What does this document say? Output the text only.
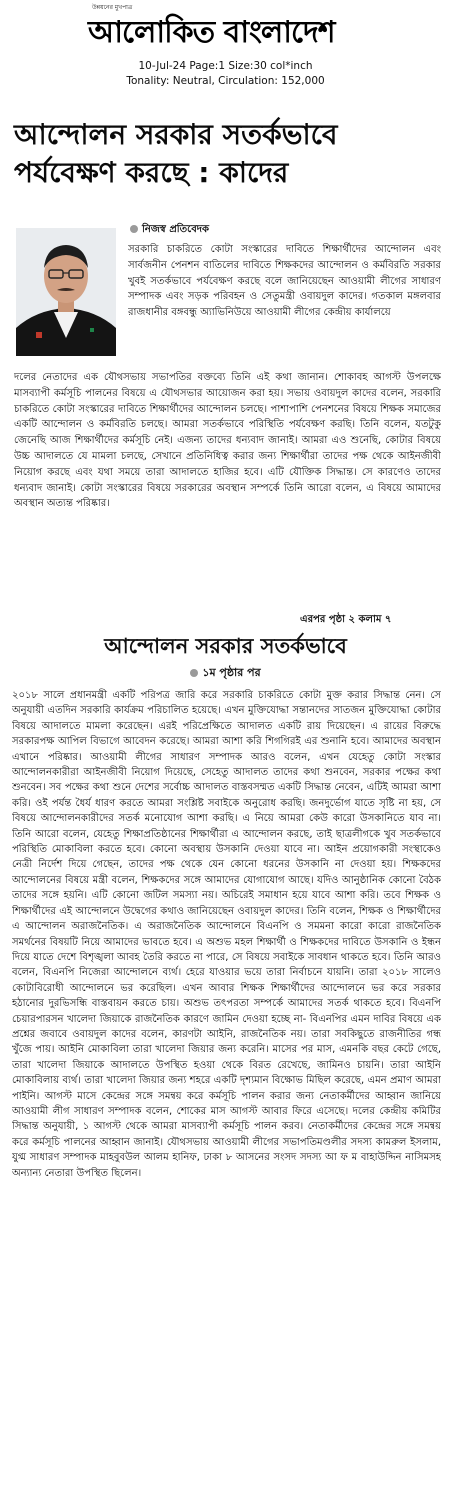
উন্নয়নের মুখপাত্র
আলোকিত বাংলাদেশ
10-Jul-24 Page:1 Size:30 col*inch
Tonality: Neutral, Circulation: 152,000
আন্দোলন সরকার সতর্কভাবে
পর্যবেক্ষণ করছে : কাদের
নিজস্ব প্রতিবেদক
সরকারি চাকরিতে কোটা সংস্কারের দাবিতে শিক্ষার্থীদের আন্দোলন এবং সার্বজনীন পেনশন বাতিলের দাবিতে শিক্ষকদের আন্দোলন ও কর্মবিরতি সরকার খুবই সতর্কভাবে পর্যবেক্ষণ করছে বলে জানিয়েছেন আওয়ামী লীগের সাধারণ সম্পাদক এবং সড়ক পরিবহন ও সেতুমন্ত্রী ওবায়দুল কাদের। গতকাল মঙ্গলবার রাজধানীর বঙ্গবন্ধু অ্যাভিনিউয়ে আওয়ামী লীগের কেন্দ্রীয় কার্যালয়ে
দলের নেতাদের এক যৌথসভায় সভাপতির বক্তব্যে তিনি এই কথা জানান। শোকাবহ আগস্ট উপলক্ষে মাসব্যাপী কর্মসূচি পালনের বিষয়ে এ যৌথসভার আয়োজন করা হয়। সভায় ওবায়দুল কাদের বলেন, সরকারি চাকরিতে কোটা সংস্কারের দাবিতে শিক্ষার্থীদের আন্দোলন চলছে। পাশাপাশি পেনশনের বিষয়ে শিক্ষক সমাজের একটি আন্দোলন ও কর্মবিরতি চলছে। আমরা সতর্কভাবে পরিস্থিতি পর্যবেক্ষণ করছি। তিনি বলেন, যতটুকু জেনেছি আজ শিক্ষার্থীদের কর্মসূচি নেই। এজন্য তাদের ধন্যবাদ জানাই। আমরা এও শুনেছি, কোটার বিষয়ে উচ্চ আদালতে যে মামলা চলছে, সেখানে প্রতিনিধিত্ব করার জন্য শিক্ষার্থীরা তাদের পক্ষ থেকে আইনজীবী নিয়োগ করছে এবং যথা সময়ে তারা আদালতে হাজির হবে। এটি যৌক্তিক সিদ্ধান্ত। সে কারণেও তাদের ধন্যবাদ জানাই। কোটা সংস্কারের বিষয়ে সরকারের অবস্থান সম্পর্কে তিনি আরো বলেন, এ বিষয়ে আমাদের অবস্থান অত্যন্ত পরিষ্কার।
এরপর পৃষ্ঠা ২ কলাম ৭
আন্দোলন সরকার সতর্কভাবে
১ম পৃষ্ঠার পর
২০১৮ সালে প্রধানমন্ত্রী একটি পরিপত্র জারি করে সরকারি চাকরিতে কোটা মুক্ত করার সিদ্ধান্ত নেন। সে অনুযায়ী এতদিন সরকারি কার্যক্রম পরিচালিত হয়েছে। এখন মুক্তিযোদ্ধা সন্তানদের সাতজন মুক্তিযোদ্ধা কোটার বিষয়ে আদালতে মামলা করেছেন। এরই পরিপ্রেক্ষিতে আদালত একটি রায় দিয়েছেন। এ রায়ের বিরুদ্ধে সরকারপক্ষ আপিল বিভাগে আবেদন করেছে। আমরা আশা করি শিগগিরই এর শুনানি হবে। আমাদের অবস্থান এখানে পরিষ্কার। আওয়ামী লীগের সাধারণ সম্পাদক আরও বলেন, এখন যেহেতু কোটা সংস্কার আন্দোলনকারীরা আইনজীবী নিয়োগ দিয়েছে, সেহেতু আদালত তাদের কথা শুনবেন, সরকার পক্ষের কথা শুনবেন। সব পক্ষের কথা শুনে দেশের সর্বোচ্চ আদালত বাস্তবসম্মত একটি সিদ্ধান্ত নেবেন, এটিই আমরা আশা করি। ওই পর্যন্ত ধৈর্য ধারণ করতে আমরা সংশ্লিষ্ট সবাইকে অনুরোধ করছি। জনদুর্ভোগ যাতে সৃষ্টি না হয়, সে বিষয়ে আন্দোলনকারীদের সতর্ক মনোযোগ আশা করছি। এ নিয়ে আমরা কেউ কারো উসকানিতে যাব না। তিনি আরো বলেন, যেহেতু শিক্ষাপ্রতিষ্ঠানের শিক্ষার্থীরা এ আন্দোলন করছে, তাই ছাত্রলীগকে খুব সতর্কভাবে পরিস্থিতি মোকাবিলা করতে হবে। কোনো অবস্থায় উসকানি দেওয়া যাবে না। আইন প্রয়োগকারী সংস্থাকেও নেত্রী নির্দেশ দিয়ে গেছেন, তাদের পক্ষ থেকে যেন কোনো ধরনের উসকানি না দেওয়া হয়। শিক্ষকদের আন্দোলনের বিষয়ে মন্ত্রী বলেন, শিক্ষকদের সঙ্গে আমাদের যোগাযোগ আছে। যদিও আনুষ্ঠানিক কোনো বৈঠক তাদের সঙ্গে হয়নি। এটি কোনো জটিল সমস্যা নয়। অচিরেই সমাধান হয়ে যাবে আশা করি। তবে শিক্ষক ও শিক্ষার্থীদের এই আন্দোলনে উদ্বেগের কথাও জানিয়েছেন ওবায়দুল কাদের। তিনি বলেন, শিক্ষক ও শিক্ষার্থীদের এ আন্দোলন অরাজনৈতিক। এ অরাজনৈতিক আন্দোলনে বিএনপি ও সমমনা কারো কারো রাজনৈতিক সমর্থনের বিষয়টি নিয়ে আমাদের ভাবতে হবে। এ অশুভ মহল শিক্ষার্থী ও শিক্ষকদের দাবিতে উসকানি ও ইন্ধন দিয়ে যাতে দেশে বিশৃঙ্খলা আবহ তৈরি করতে না পারে, সে বিষয়ে সবাইকে সাবধান থাকতে হবে। তিনি আরও বলেন, বিএনপি নিজেরা আন্দোলনে ব্যর্থ। হেরে যাওয়ার ভয়ে তারা নির্বাচনে যায়নি। তারা ২০১৮ সালেও কোটাবিরোধী আন্দোলনে ভর করেছিল। এখন আবার শিক্ষক শিক্ষার্থীদের আন্দোলনে ভর করে সরকার হঠানোর দুরভিসন্ধি বাস্তবায়ন করতে চায়। অশুভ তৎপরতা সম্পর্কে আমাদের সতর্ক থাকতে হবে। বিএনপি চেয়ারপারসন খালেদা জিয়াকে রাজনৈতিক কারণে জামিন দেওয়া হচ্ছে না- বিএনপির এমন দাবির বিষয়ে এক প্রশ্নের জবাবে ওবায়দুল কাদের বলেন, কারণটা আইনি, রাজনৈতিক নয়। তারা সবকিছুতে রাজনীতির গন্ধ খুঁজে পায়। আইনি মোকাবিলা তারা খালেদা জিয়ার জন্য করেনি। মাসের পর মাস, এমনকি বছর কেটে গেছে, তারা খালেদা জিয়াকে আদালতে উপস্থিত হওয়া থেকে বিরত রেখেছে, জামিনও চায়নি। তারা আইনি মোকাবিলায় ব্যর্থ। তারা খালেদা জিয়ার জন্য শহরে একটি দৃশ্যমান বিক্ষোভ মিছিল করেছে, এমন প্রমাণ আমরা পাইনি। আগস্ট মাসে কেন্দ্রের সঙ্গে সমন্বয় করে কর্মসূচি পালন করার জন্য নেতাকর্মীদের আহ্বান জানিয়ে আওয়ামী লীগ সাধারণ সম্পাদক বলেন, শোকের মাস আগস্ট আবার ফিরে এসেছে। দলের কেন্দ্রীয় কমিটির সিদ্ধান্ত অনুযায়ী, ১ আগস্ট থেকে আমরা মাসব্যাপী কর্মসূচি পালন করব। নেতাকর্মীদের কেন্দ্রের সঙ্গে সমন্বয় করে কর্মসূচি পালনের আহ্বান জানাই। যৌথসভায় আওয়ামী লীগের সভাপতিমণ্ডলীর সদস্য কামরুল ইসলাম, যুগ্ম সাধারণ সম্পাদক মাহবুবউল আলম হানিফ, ঢাকা ৮ আসনের সংসদ সদস্য আ ফ ম বাহাউদ্দিন নাসিমসহ অন্যান্য নেতারা উপস্থিত ছিলেন।
